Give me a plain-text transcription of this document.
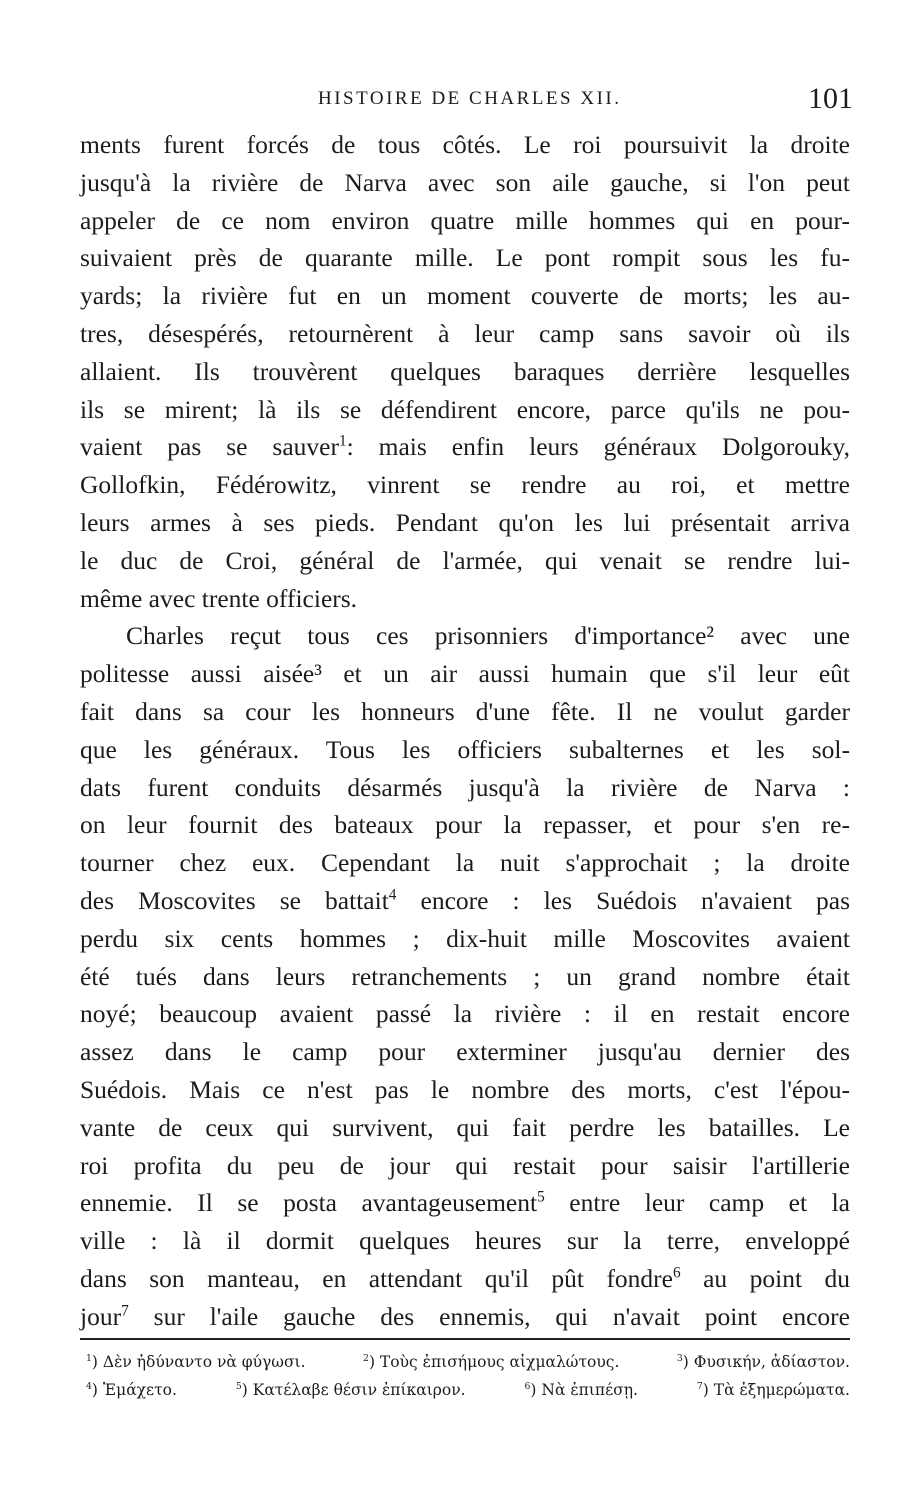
HISTOIRE DE CHARLES XII.	101
ments furent forcés de tous côtés. Le roi poursuivit la droite
jusqu'à la rivière de Narva avec son aile gauche, si l'on peut
appeler de ce nom environ quatre mille hommes qui en pour-
suivaient près de quarante mille. Le pont rompit sous les fu-
yards; la rivière fut en un moment couverte de morts; les au-
tres, désespérés, retournèrent à leur camp sans savoir où ils
allaient. Ils trouvèrent quelques baraques derrière lesquelles
ils se mirent; là ils se défendirent encore, parce qu'ils ne pou-
vaient pas se sauver$^1$: mais enfin leurs généraux Dolgorouky,
Gollofkin, Fédérowitz, vinrent se rendre au roi, et mettre
leurs armes à ses pieds. Pendant qu'on les lui présentait arriva
le duc de Croi, général de l'armée, qui venait se rendre lui-
même avec trente officiers.
Charles reçut tous ces prisonniers d'importance² avec une
politesse aussi aisée³ et un air aussi humain que s'il leur eût
fait dans sa cour les honneurs d'une fête. Il ne voulut garder
que les généraux. Tous les officiers subalternes et les sol-
dats furent conduits désarmés jusqu'à la rivière de Narva :
on leur fournit des bateaux pour la repasser, et pour s'en re-
tourner chez eux. Cependant la nuit s'approchait ; la droite
des Moscovites se battait$^4$ encore : les Suédois n'avaient pas
perdu six cents hommes ; dix-huit mille Moscovites avaient
été tués dans leurs retranchements ; un grand nombre était
noyé; beaucoup avaient passé la rivière : il en restait encore
assez dans le camp pour exterminer jusqu'au dernier des
Suédois. Mais ce n'est pas le nombre des morts, c'est l'épou-
vante de ceux qui survivent, qui fait perdre les batailles. Le
roi profita du peu de jour qui restait pour saisir l'artillerie
ennemie. Il se posta avantageusement$^5$ entre leur camp et la
ville : là il dormit quelques heures sur la terre, enveloppé
dans son manteau, en attendant qu'il pût fondre$^6$ au point du
jour$^7$ sur l'aile gauche des ennemis, qui n'avait point encore
$^1$) Δὲν ἠδύναντο νὰ φύγωσι.	$^2$) Τοὺς ἐπισήμους αἰχμαλώτους.	$^3$) Φυσικήν, ἀδίαστον.
$^4$) Ἐμάχετο.	$^5$) Κατέλαβε θέσιν ἐπίκαιρον.	$^6$) Νὰ ἐπιπέσῃ.	$^7$) Τὰ ἐξημερώματα.
